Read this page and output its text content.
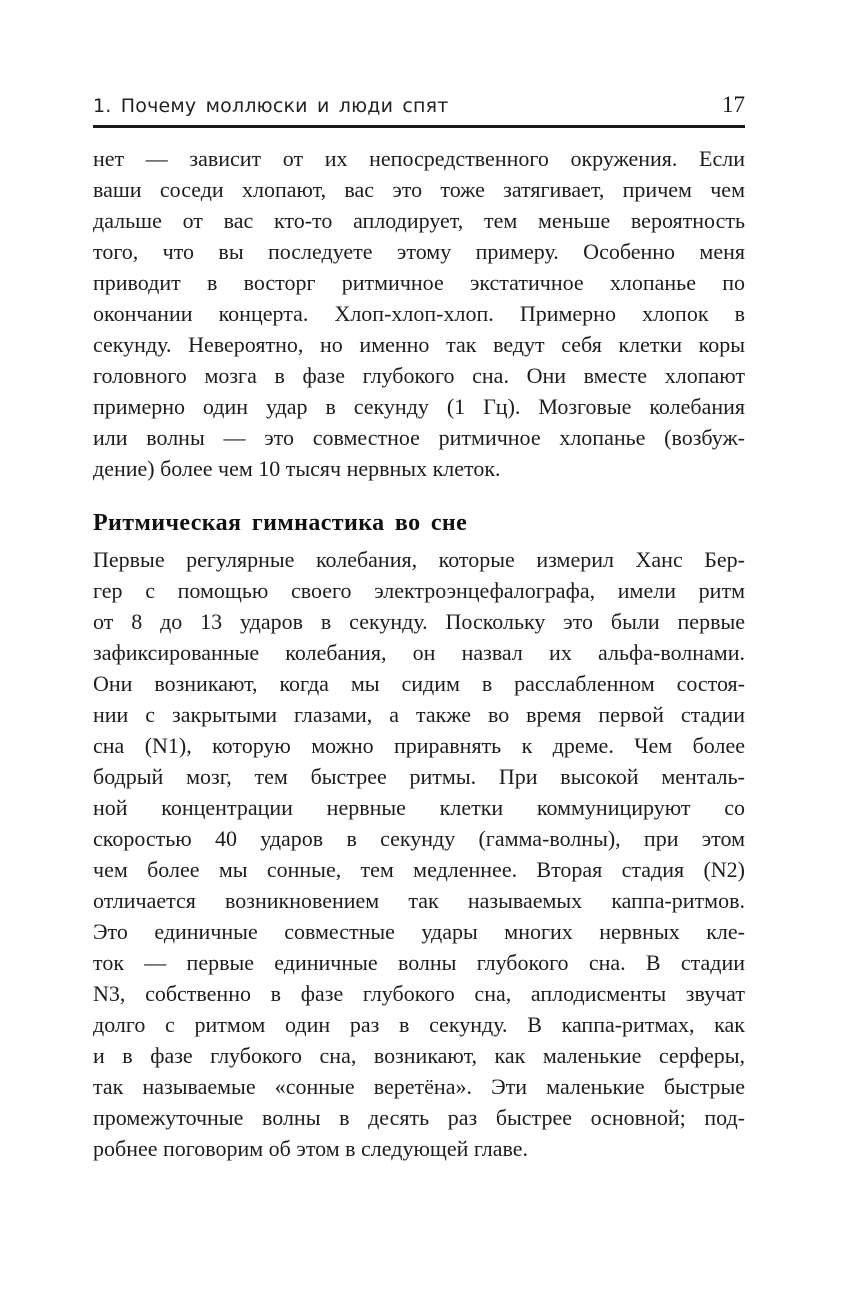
1. Почему моллюски и люди спят	17
нет — зависит от их непосредственного окружения. Если
ваши соседи хлопают, вас это тоже затягивает, причем чем
дальше от вас кто-то аплодирует, тем меньше вероятность
того, что вы последуете этому примеру. Особенно меня
приводит в восторг ритмичное экстатичное хлопанье по
окончании концерта. Хлоп-хлоп-хлоп. Примерно хлопок в
секунду. Невероятно, но именно так ведут себя клетки коры
головного мозга в фазе глубокого сна. Они вместе хлопают
примерно один удар в секунду (1 Гц). Мозговые колебания
или волны — это совместное ритмичное хлопанье (возбуж-
дение) более чем 10 тысяч нервных клеток.
Ритмическая гимнастика во сне
Первые регулярные колебания, которые измерил Ханс Бер-
гер с помощью своего электроэнцефалографа, имели ритм
от 8 до 13 ударов в секунду. Поскольку это были первые
зафиксированные колебания, он назвал их альфа-волнами.
Они возникают, когда мы сидим в расслабленном состоя-
нии с закрытыми глазами, а также во время первой стадии
сна (N1), которую можно приравнять к дреме. Чем более
бодрый мозг, тем быстрее ритмы. При высокой менталь-
ной концентрации нервные клетки коммуницируют со
скоростью 40 ударов в секунду (гамма-волны), при этом
чем более мы сонные, тем медленнее. Вторая стадия (N2)
отличается возникновением так называемых каппа-ритмов.
Это единичные совместные удары многих нервных кле-
ток — первые единичные волны глубокого сна. В стадии
N3, собственно в фазе глубокого сна, аплодисменты звучат
долго с ритмом один раз в секунду. В каппа-ритмах, как
и в фазе глубокого сна, возникают, как маленькие серферы,
так называемые «сонные веретёна». Эти маленькие быстрые
промежуточные волны в десять раз быстрее основной; под-
робнее поговорим об этом в следующей главе.
